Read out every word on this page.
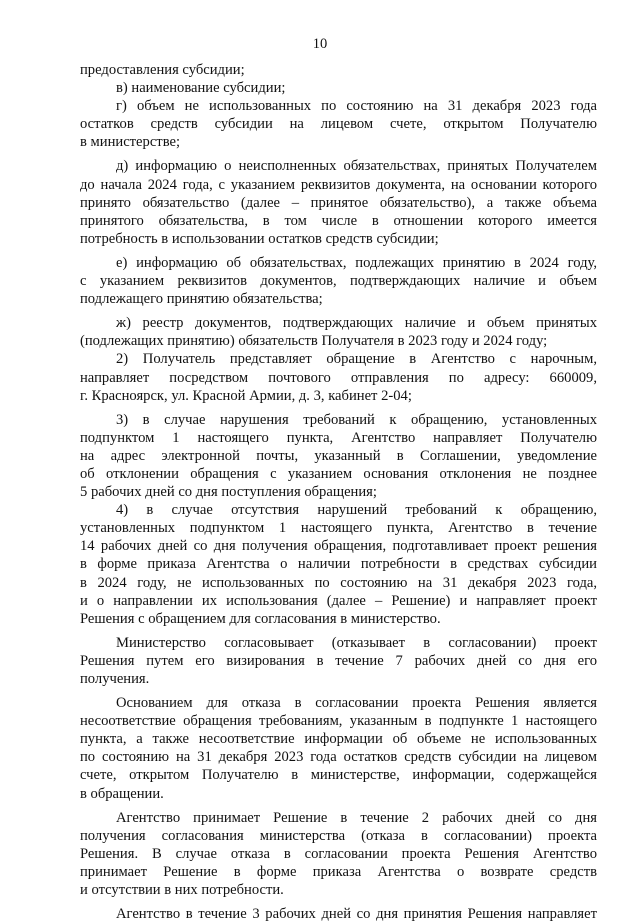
10
предоставления субсидии;
в) наименование субсидии;
г) объем не использованных по состоянию на 31 декабря 2023 года
остатков средств субсидии на лицевом счете, открытом Получателю
в министерстве;
д) информацию о неисполненных обязательствах, принятых Получателем
до начала 2024 года, с указанием реквизитов документа, на основании которого
принято обязательство (далее – принятое обязательство), а также объема
принятого обязательства, в том числе в отношении которого имеется
потребность в использовании остатков средств субсидии;
е) информацию об обязательствах, подлежащих принятию в 2024 году,
с указанием реквизитов документов, подтверждающих наличие и объем
подлежащего принятию обязательства;
ж) реестр документов, подтверждающих наличие и объем принятых
(подлежащих принятию) обязательств Получателя в 2023 году и 2024 году;
2) Получатель представляет обращение в Агентство с нарочным,
направляет посредством почтового отправления по адресу: 660009,
г. Красноярск, ул. Красной Армии, д. 3, кабинет 2-04;
3) в случае нарушения требований к обращению, установленных
подпунктом 1 настоящего пункта, Агентство направляет Получателю
на адрес электронной почты, указанный в Соглашении, уведомление
об отклонении обращения с указанием основания отклонения не позднее
5 рабочих дней со дня поступления обращения;
4) в случае отсутствия нарушений требований к обращению,
установленных подпунктом 1 настоящего пункта, Агентство в течение
14 рабочих дней со дня получения обращения, подготавливает проект решения
в форме приказа Агентства о наличии потребности в средствах субсидии
в 2024 году, не использованных по состоянию на 31 декабря 2023 года,
и о направлении их использования (далее – Решение) и направляет проект
Решения с обращением для согласования в министерство.
Министерство согласовывает (отказывает в согласовании) проект
Решения путем его визирования в течение 7 рабочих дней со дня его
получения.
Основанием для отказа в согласовании проекта Решения является
несоответствие обращения требованиям, указанным в подпункте 1 настоящего
пункта, а также несоответствие информации об объеме не использованных
по состоянию на 31 декабря 2023 года остатков средств субсидии на лицевом
счете, открытом Получателю в министерстве, информации, содержащейся
в обращении.
Агентство принимает Решение в течение 2 рабочих дней со дня
получения согласования министерства (отказа в согласовании) проекта
Решения. В случае отказа в согласовании проекта Решения Агентство
принимает Решение в форме приказа Агентства о возврате средств
и отсутствии в них потребности.
Агентство в течение 3 рабочих дней со дня принятия Решения направляет
